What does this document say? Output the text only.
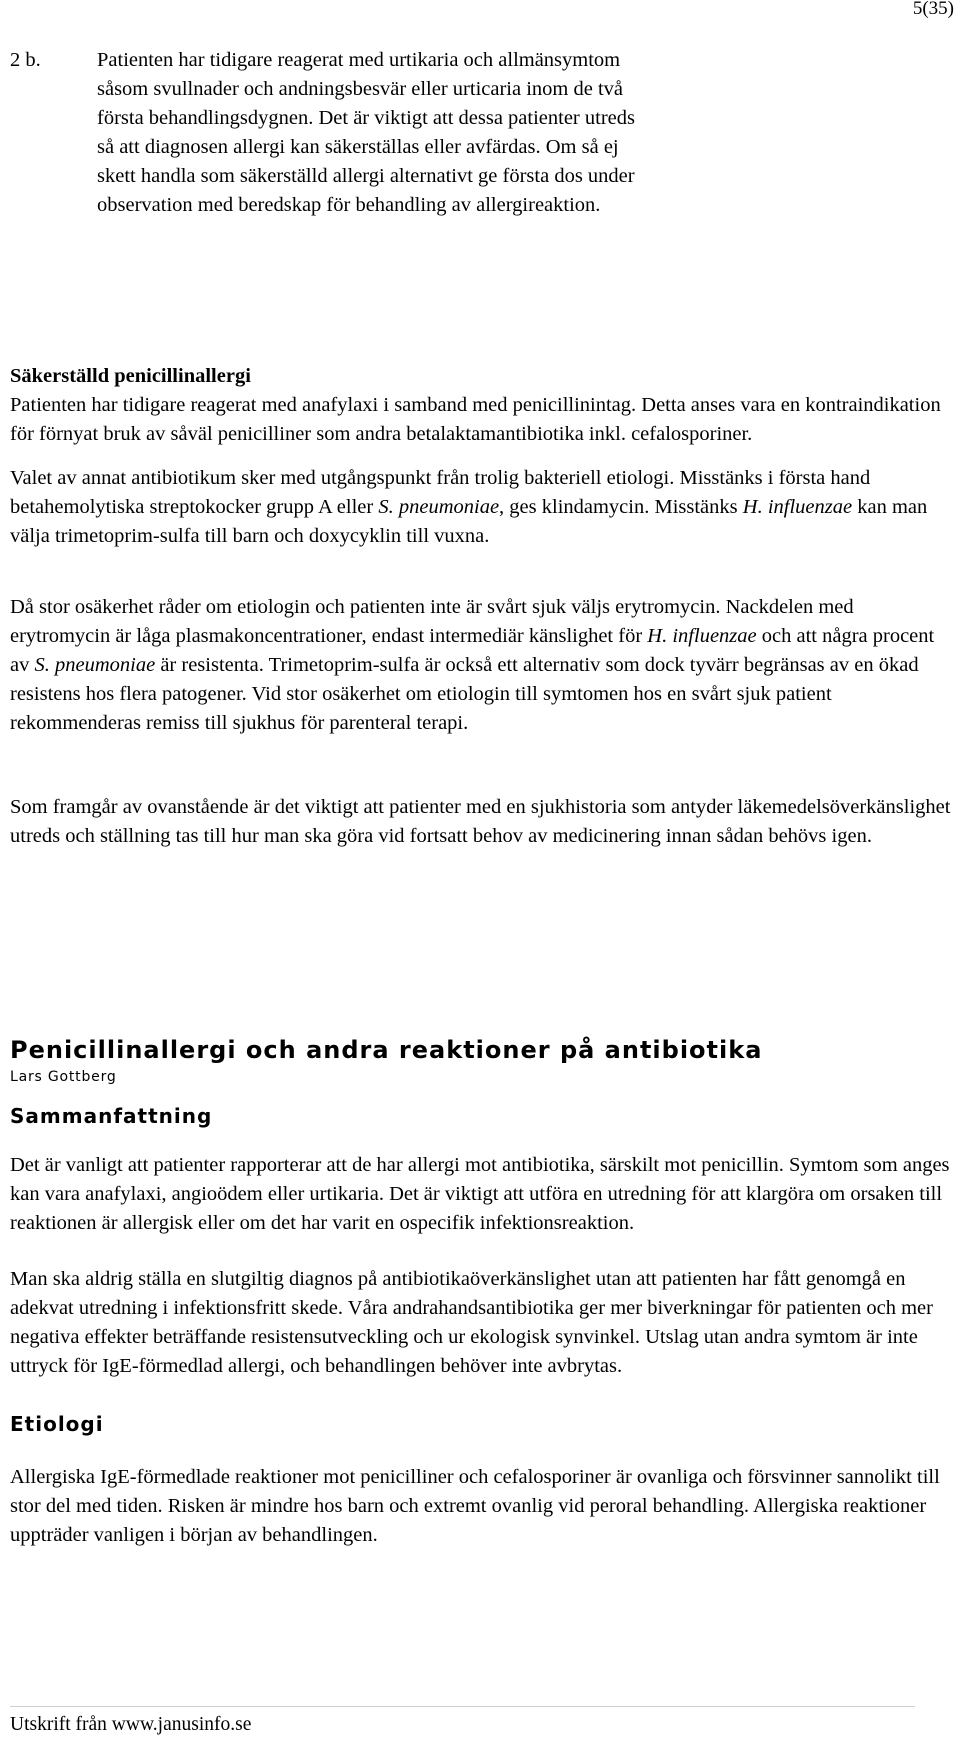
5(35)
2 b.	Patienten har tidigare reagerat med urtikaria och allmänsymtom såsom svullnader och andningsbesvär eller urticaria inom de två första behandlingsdygnen. Det är viktigt att dessa patienter utreds så att diagnosen allergi kan säkerställas eller avfärdas. Om så ej skett handla som säkerställd allergi alternativt ge första dos under observation med beredskap för behandling av allergireaktion.
Säkerställd penicillinallergi

Patienten har tidigare reagerat med anafylaxi i samband med penicillinintag. Detta anses vara en kontraindikation för förnyat bruk av såväl penicilliner som andra betalaktamantibiotika inkl. cefalosporiner.

Valet av annat antibiotikum sker med utgångspunkt från trolig bakteriell etiologi. Misstänks i första hand betahemolytiska streptokocker grupp A eller S. pneumoniae, ges klindamycin. Misstänks H. influenzae kan man välja trimetoprim-sulfa till barn och doxycyklin till vuxna.

Då stor osäkerhet råder om etiologin och patienten inte är svårt sjuk väljs erytromycin. Nackdelen med erytromycin är låga plasmakoncentrationer, endast intermediär känslighet för H. influenzae och att några procent av S. pneumoniae är resistenta. Trimetoprim-sulfa är också ett alternativ som dock tyvärr begränsas av en ökad resistens hos flera patogener. Vid stor osäkerhet om etiologin till symtomen hos en svårt sjuk patient rekommenderas remiss till sjukhus för parenteral terapi.

Som framgår av ovanstående är det viktigt att patienter med en sjukhistoria som antyder läkemedelsöverkänslighet utreds och ställning tas till hur man ska göra vid fortsatt behov av medicinering innan sådan behövs igen.

Penicillinallergi och andra reaktioner på antibiotika
Lars Gottberg
Sammanfattning

Det är vanligt att patienter rapporterar att de har allergi mot antibiotika, särskilt mot penicillin. Symtom som anges kan vara anafylaxi, angioödem eller urtikaria. Det är viktigt att utföra en utredning för att klargöra om orsaken till reaktionen är allergisk eller om det har varit en ospecifik infektionsreaktion.

Man ska aldrig ställa en slutgiltig diagnos på antibiotikaöverkänslighet utan att patienten har fått genomgå en adekvat utredning i infektionsfritt skede. Våra andrahandsantibiotika ger mer biverkningar för patienten och mer negativa effekter beträffande resistensutveckling och ur ekologisk synvinkel. Utslag utan andra symtom är inte uttryck för IgE-förmedlad allergi, och behandlingen behöver inte avbrytas.

Etiologi

Allergiska IgE-förmedlade reaktioner mot penicilliner och cefalosporiner är ovanliga och försvinner sannolikt till stor del med tiden. Risken är mindre hos barn och extremt ovanlig vid peroral behandling. Allergiska reaktioner uppträder vanligen i början av behandlingen.

Utskrift från www.janusinfo.se
